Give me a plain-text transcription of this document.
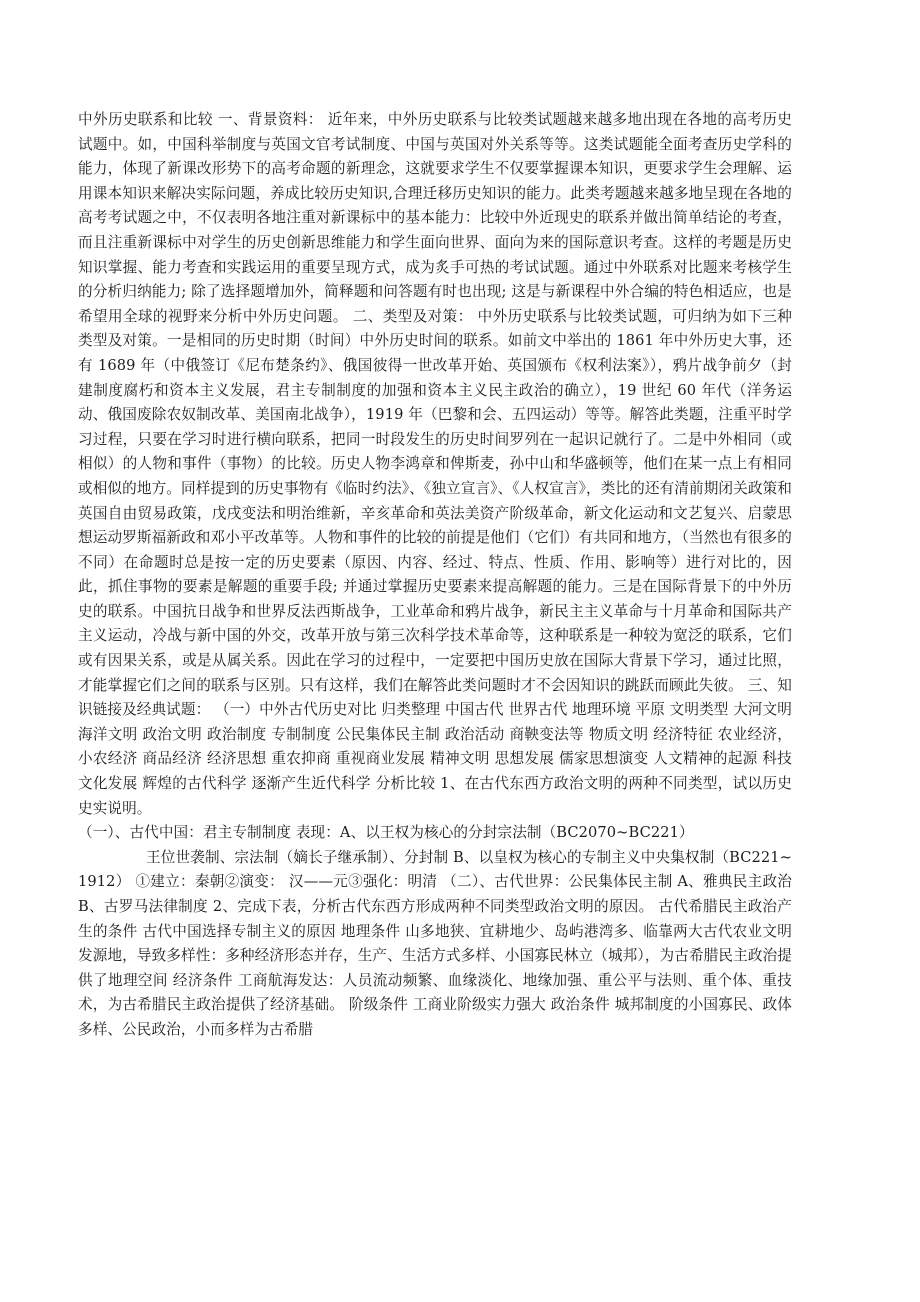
中外历史联系和比较 一、背景资料： 近年来，中外历史联系与比较类试题越来越多地出现在各地的高考历史试题中。如，中国科举制度与英国文官考试制度、中国与英国对外关系等等。这类试题能全面考查历史学科的能力，体现了新课改形势下的高考命题的新理念，这就要求学生不仅要掌握课本知识，更要求学生会理解、运用课本知识来解决实际问题，养成比较历史知识,合理迁移历史知识的能力。此类考题越来越多地呈现在各地的高考考试题之中，不仅表明各地注重对新课标中的基本能力：比较中外近现史的联系并做出简单结论的考查，而且注重新课标中对学生的历史创新思维能力和学生面向世界、面向为来的国际意识考查。这样的考题是历史知识掌握、能力考查和实践运用的重要呈现方式，成为炙手可热的考试试题。通过中外联系对比题来考核学生的分析归纳能力; 除了选择题增加外，简释题和问答题有时也出现; 这是与新课程中外合编的特色相适应，也是希望用全球的视野来分析中外历史问题。 二、类型及对策： 中外历史联系与比较类试题，可归纳为如下三种类型及对策。一是相同的历史时期（时间）中外历史时间的联系。如前文中举出的 1861 年中外历史大事，还有 1689 年（中俄签订《尼布楚条约》、俄国彼得一世改革开始、英国颁布《权利法案》），鸦片战争前夕（封建制度腐朽和资本主义发展，君主专制制度的加强和资本主义民主政治的确立），19 世纪 60 年代（洋务运动、俄国废除农奴制改革、美国南北战争），1919 年（巴黎和会、五四运动）等等。解答此类题，注重平时学习过程，只要在学习时进行横向联系，把同一时段发生的历史时间罗列在一起识记就行了。二是中外相同（或相似）的人物和事件（事物）的比较。历史人物李鸿章和俾斯麦，孙中山和华盛顿等，他们在某一点上有相同或相似的地方。同样提到的历史事物有《临时约法》、《独立宣言》、《人权宣言》，类比的还有清前期闭关政策和英国自由贸易政策，戊戌变法和明治维新，辛亥革命和英法美资产阶级革命，新文化运动和文艺复兴、启蒙思想运动罗斯福新政和邓小平改革等。人物和事件的比较的前提是他们（它们）有共同和地方，（当然也有很多的不同）在命题时总是按一定的历史要素（原因、内容、经过、特点、性质、作用、影响等）进行对比的，因此，抓住事物的要素是解题的重要手段; 并通过掌握历史要素来提高解题的能力。三是在国际背景下的中外历史的联系。中国抗日战争和世界反法西斯战争，工业革命和鸦片战争，新民主主义革命与十月革命和国际共产主义运动，冷战与新中国的外交，改革开放与第三次科学技术革命等，这种联系是一种较为宽泛的联系，它们或有因果关系，或是从属关系。因此在学习的过程中，一定要把中国历史放在国际大背景下学习，通过比照，才能掌握它们之间的联系与区别。只有这样，我们在解答此类问题时才不会因知识的跳跃而顾此失彼。 三、知识链接及经典试题： （一）中外古代历史对比 归类整理 中国古代 世界古代 地理环境 平原 文明类型 大河文明 海洋文明 政治文明 政治制度 专制制度 公民集体民主制 政治活动 商鞅变法等 物质文明 经济特征 农业经济，小农经济 商品经济 经济思想 重农抑商 重视商业发展 精神文明 思想发展 儒家思想演变 人文精神的起源 科技文化发展 辉煌的古代科学 逐渐产生近代科学 分析比较 1、在古代东西方政治文明的两种不同类型，试以历史史实说明。

（一）、古代中国：君主专制制度 表现：A、以王权为核心的分封宗法制（BC2070~BC221）

王位世袭制、宗法制（嫡长子继承制）、分封制 B、以皇权为核心的专制主义中央集权制（BC221~1912） ①建立：秦朝②演变： 汉——元③强化：明清 （二）、古代世界：公民集体民主制 A、雅典民主政治 B、古罗马法律制度 2、完成下表，分析古代东西方形成两种不同类型政治文明的原因。 古代希腊民主政治产生的条件 古代中国选择专制主义的原因 地理条件 山多地狭、宜耕地少、岛屿港湾多、临靠两大古代农业文明发源地，导致多样性：多种经济形态并存，生产、生活方式多样、小国寡民林立（城邦），为古希腊民主政治提供了地理空间 经济条件 工商航海发达：人员流动频繁、血缘淡化、地缘加强、重公平与法则、重个体、重技术，为古希腊民主政治提供了经济基础。 阶级条件 工商业阶级实力强大 政治条件 城邦制度的小国寡民、政体多样、公民政治，小而多样为古希腊
